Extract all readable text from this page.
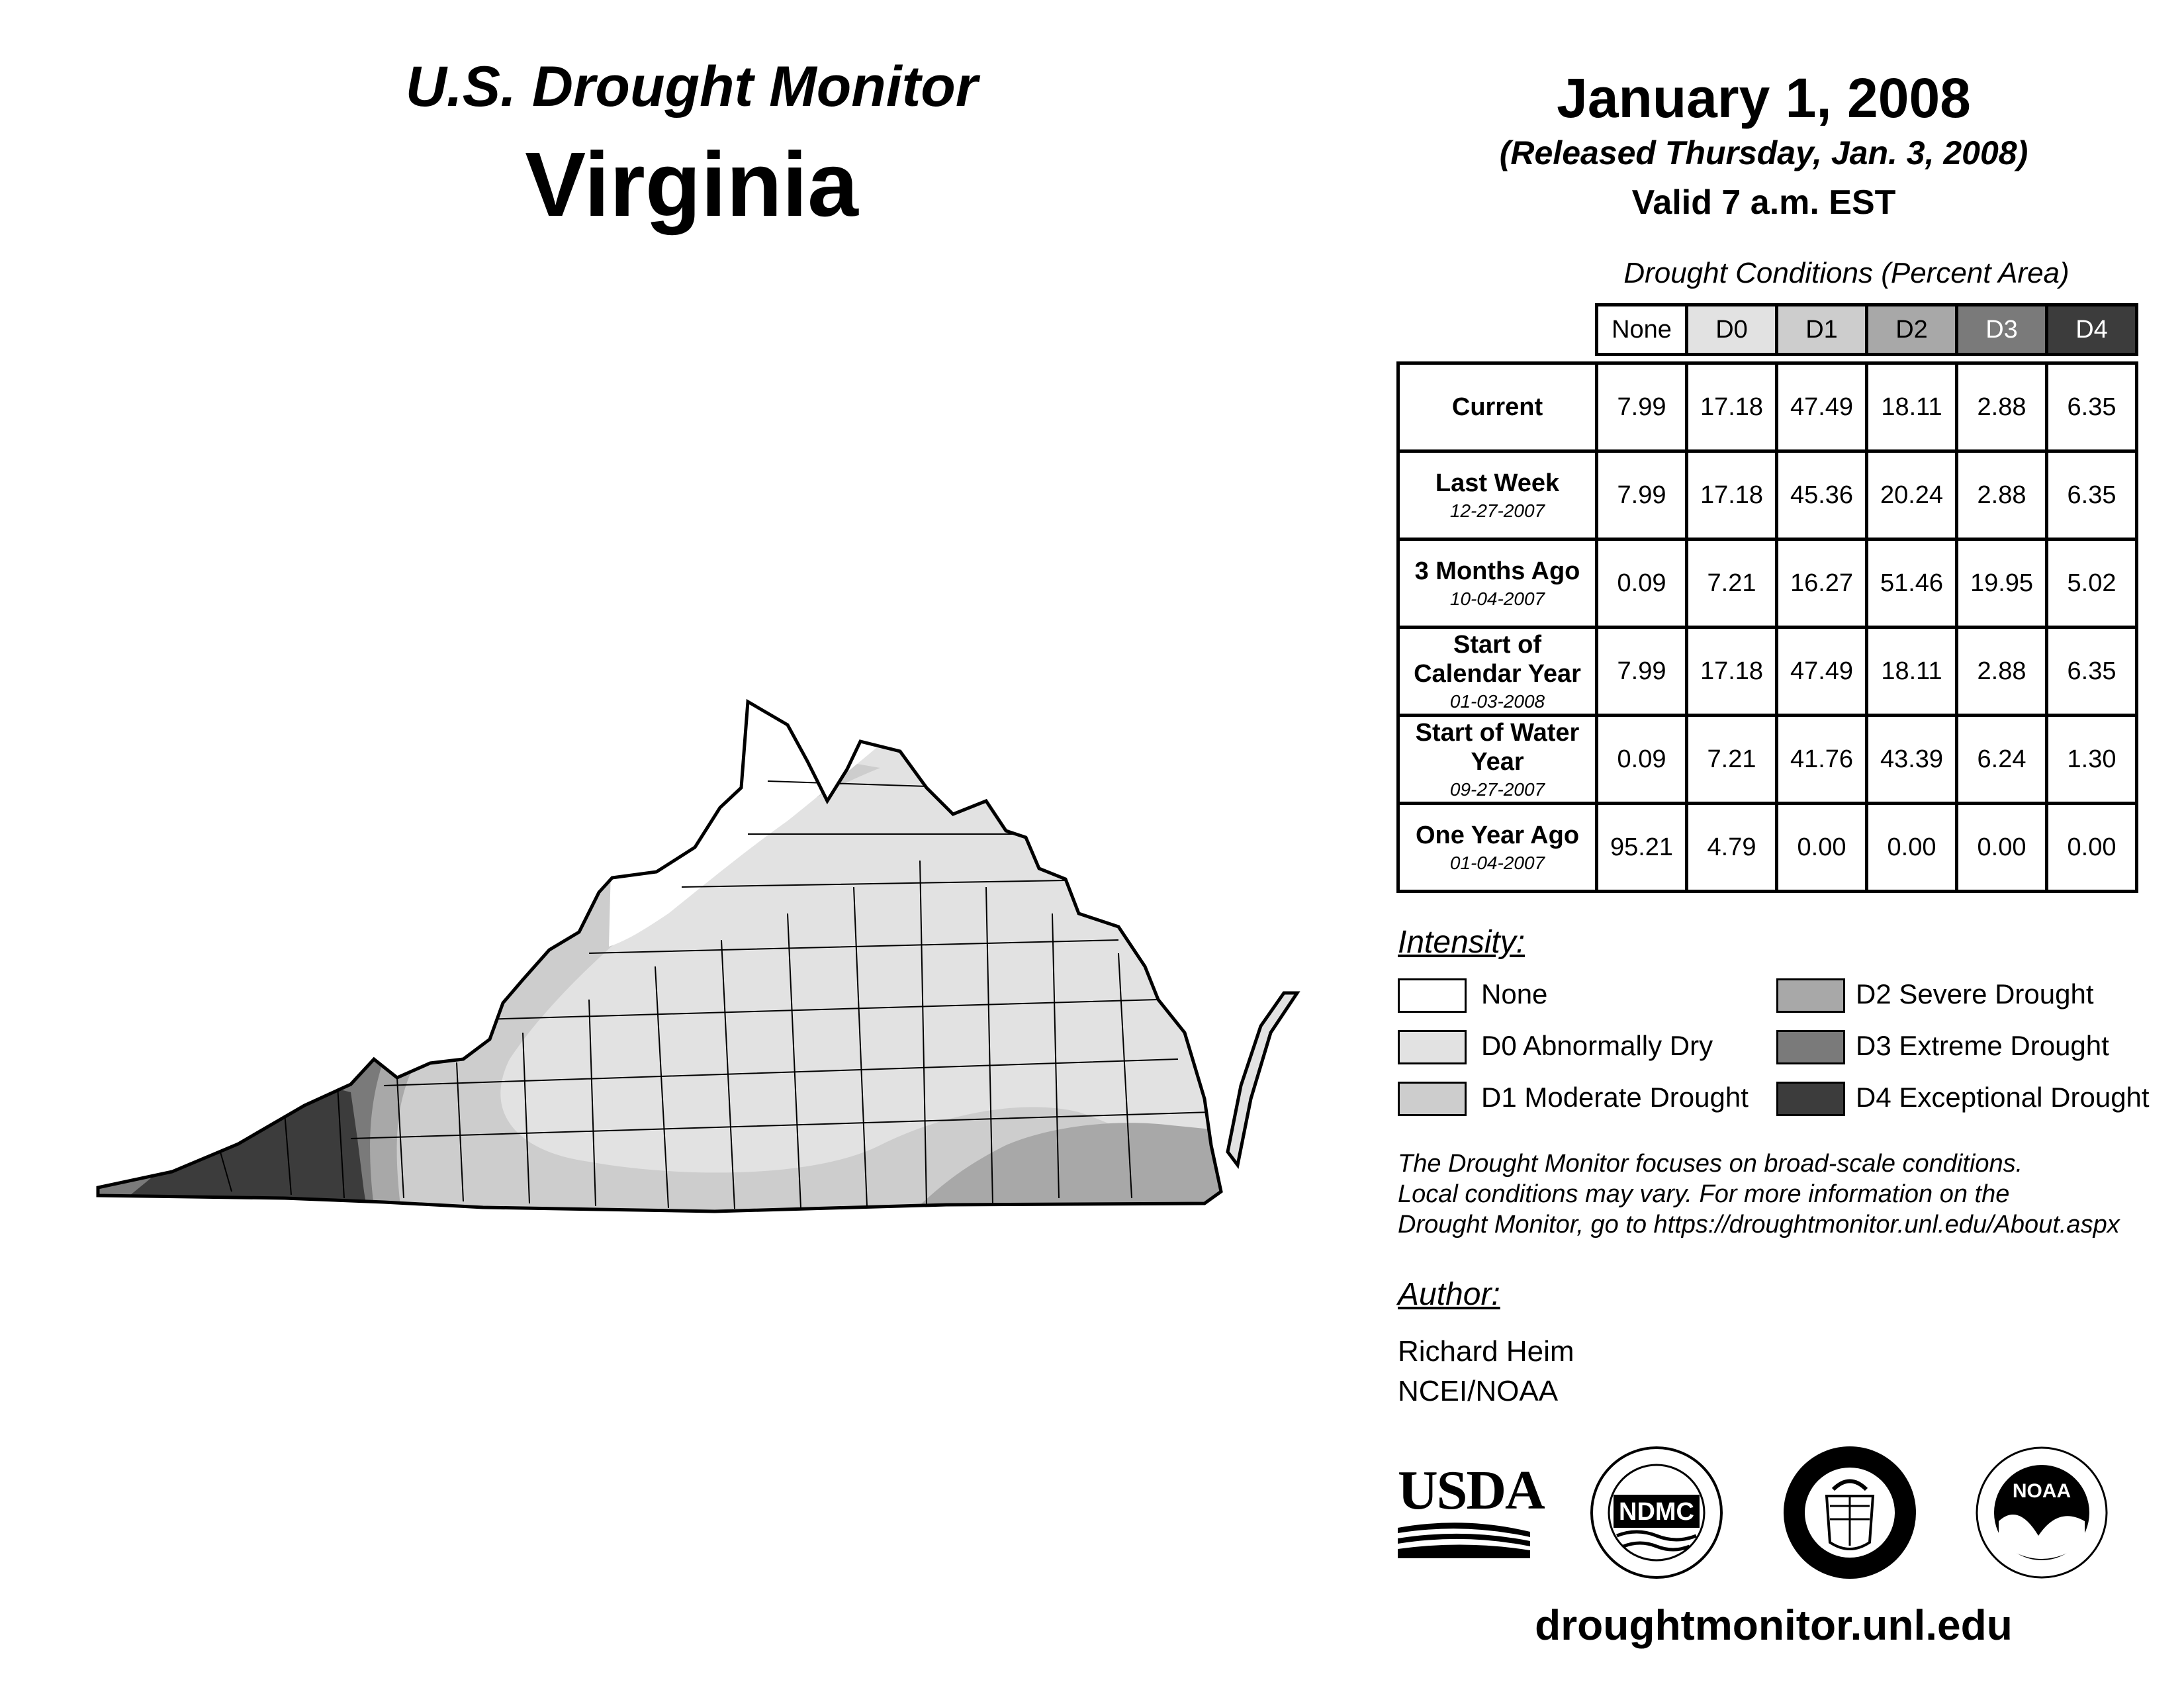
U.S. Drought Monitor
Virginia
January 1, 2008
(Released Thursday, Jan. 3, 2008)
Valid 7 a.m. EST
Drought Conditions (Percent Area)
	None	D0	D1	D2	D3	D4

Current	7.99	17.18	47.49	18.11	2.88	6.35

Last Week
12-27-2007	7.99	17.18	45.36	20.24	2.88	6.35

3 Months Ago
10-04-2007	0.09	7.21	16.27	51.46	19.95	5.02

Start of Calendar Year
01-03-2008	7.99	17.18	47.49	18.11	2.88	6.35

Start of Water Year
09-27-2007	0.09	7.21	41.76	43.39	6.24	1.30

One Year Ago
01-04-2007	95.21	4.79	0.00	0.00	0.00	0.00
Intensity:
None
D0 Abnormally Dry
D1 Moderate Drought
D2 Severe Drought
D3 Extreme Drought
D4 Exceptional Drought
The Drought Monitor focuses on broad-scale conditions.
Local conditions may vary. For more information on the
Drought Monitor, go to https://droughtmonitor.unl.edu/About.aspx
Author:
Richard Heim
NCEI/NOAA
USDA	NDMC
NOAA
droughtmonitor.unl.edu
